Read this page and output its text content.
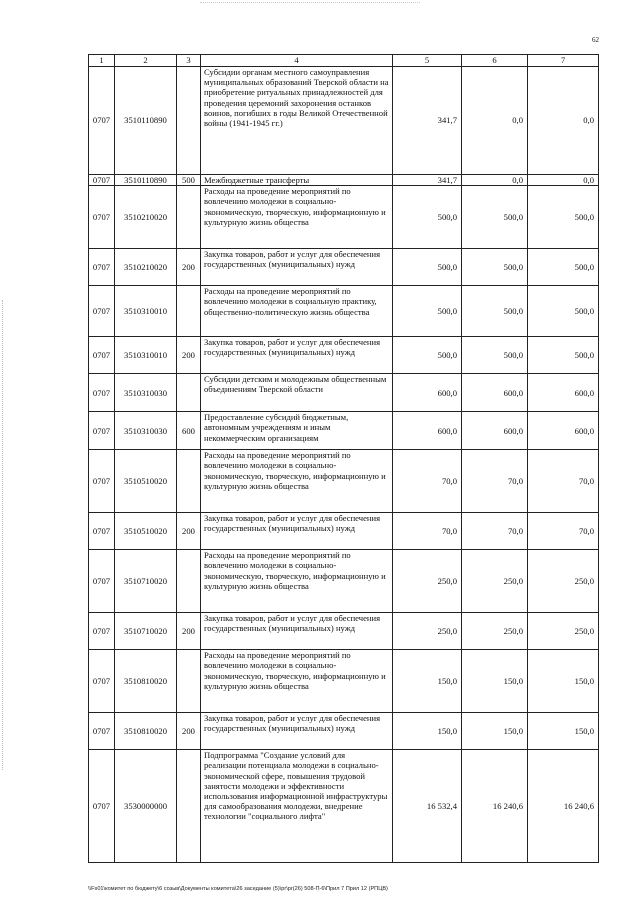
62
1	2	3	4	5	6	7
0707	3510110890		Субсидии органам местного самоуправления муниципальных образований Тверской области на приобретение ритуальных принадлежностей для проведения церемоний захоронения останков воинов, погибших в годы Великой Отечественной войны (1941-1945 гг.)	341,7	0,0	0,0
0707	3510110890	500	Межбюджетные трансферты	341,7	0,0	0,0
0707	3510210020		Расходы на проведение мероприятий по вовлечению молодежи в социально-экономическую, творческую, информационную и культурную жизнь общества	500,0	500,0	500,0
0707	3510210020	200	Закупка товаров, работ и услуг для обеспечения государственных (муниципальных) нужд	500,0	500,0	500,0
0707	3510310010		Расходы на проведение мероприятий по вовлечению молодежи в социальную практику, общественно-политическую жизнь общества	500,0	500,0	500,0
0707	3510310010	200	Закупка товаров, работ и услуг для обеспечения государственных (муниципальных) нужд	500,0	500,0	500,0
0707	3510310030		Субсидии детским и молодежным общественным объединениям Тверской области	600,0	600,0	600,0
0707	3510310030	600	Предоставление субсидий бюджетным, автономным учреждениям и иным некоммерческим организациям	600,0	600,0	600,0
0707	3510510020		Расходы на проведение мероприятий по вовлечению молодежи в социально-экономическую, творческую, информационную и культурную жизнь общества	70,0	70,0	70,0
0707	3510510020	200	Закупка товаров, работ и услуг для обеспечения государственных (муниципальных) нужд	70,0	70,0	70,0
0707	3510710020		Расходы на проведение мероприятий по вовлечению молодежи в социально-экономическую, творческую, информационную и культурную жизнь общества	250,0	250,0	250,0
0707	3510710020	200	Закупка товаров, работ и услуг для обеспечения государственных (муниципальных) нужд	250,0	250,0	250,0
0707	3510810020		Расходы на проведение мероприятий по вовлечению молодежи в социально-экономическую, творческую, информационную и культурную жизнь общества	150,0	150,0	150,0
0707	3510810020	200	Закупка товаров, работ и услуг для обеспечения государственных (муниципальных) нужд	150,0	150,0	150,0
0707	3530000000		Подпрограмма "Создание условий для реализации потенциала молодежи в социально-экономической сфере, повышения трудовой занятости молодежи и эффективности использования информационной инфраструктуры для самообразования молодежи, внедрение технологии "социального лифта"	16 532,4	16 240,6	16 240,6
\\Fs01\комитет по бюджету\6 созыв\Документы комитета\26 заседание (5)\pr\pr(26) 508-П-6\Прил 7 Прил 12 (РПЦВ)
